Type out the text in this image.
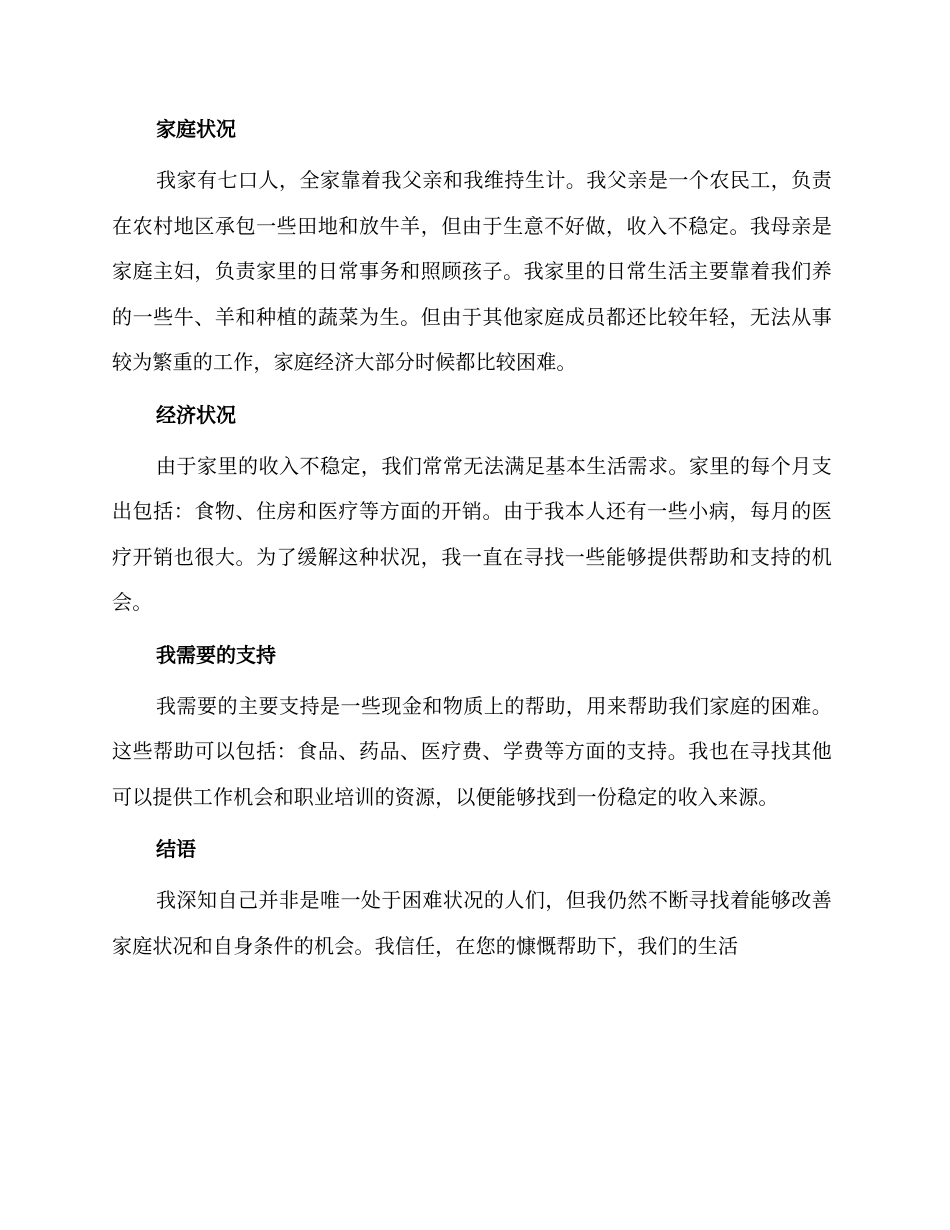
家庭状况
我家有七口人，全家靠着我父亲和我维持生计。我父亲是一个农民工，负责在农村地区承包一些田地和放牛羊，但由于生意不好做，收入不稳定。我母亲是家庭主妇，负责家里的日常事务和照顾孩子。我家里的日常生活主要靠着我们养的一些牛、羊和种植的蔬菜为生。但由于其他家庭成员都还比较年轻，无法从事较为繁重的工作，家庭经济大部分时候都比较困难。
经济状况
由于家里的收入不稳定，我们常常无法满足基本生活需求。家里的每个月支出包括：食物、住房和医疗等方面的开销。由于我本人还有一些小病，每月的医疗开销也很大。为了缓解这种状况，我一直在寻找一些能够提供帮助和支持的机会。
我需要的支持
我需要的主要支持是一些现金和物质上的帮助，用来帮助我们家庭的困难。这些帮助可以包括：食品、药品、医疗费、学费等方面的支持。我也在寻找其他可以提供工作机会和职业培训的资源，以便能够找到一份稳定的收入来源。
结语
我深知自己并非是唯一处于困难状况的人们，但我仍然不断寻找着能够改善家庭状况和自身条件的机会。我信任，在您的慷慨帮助下，我们的生活
